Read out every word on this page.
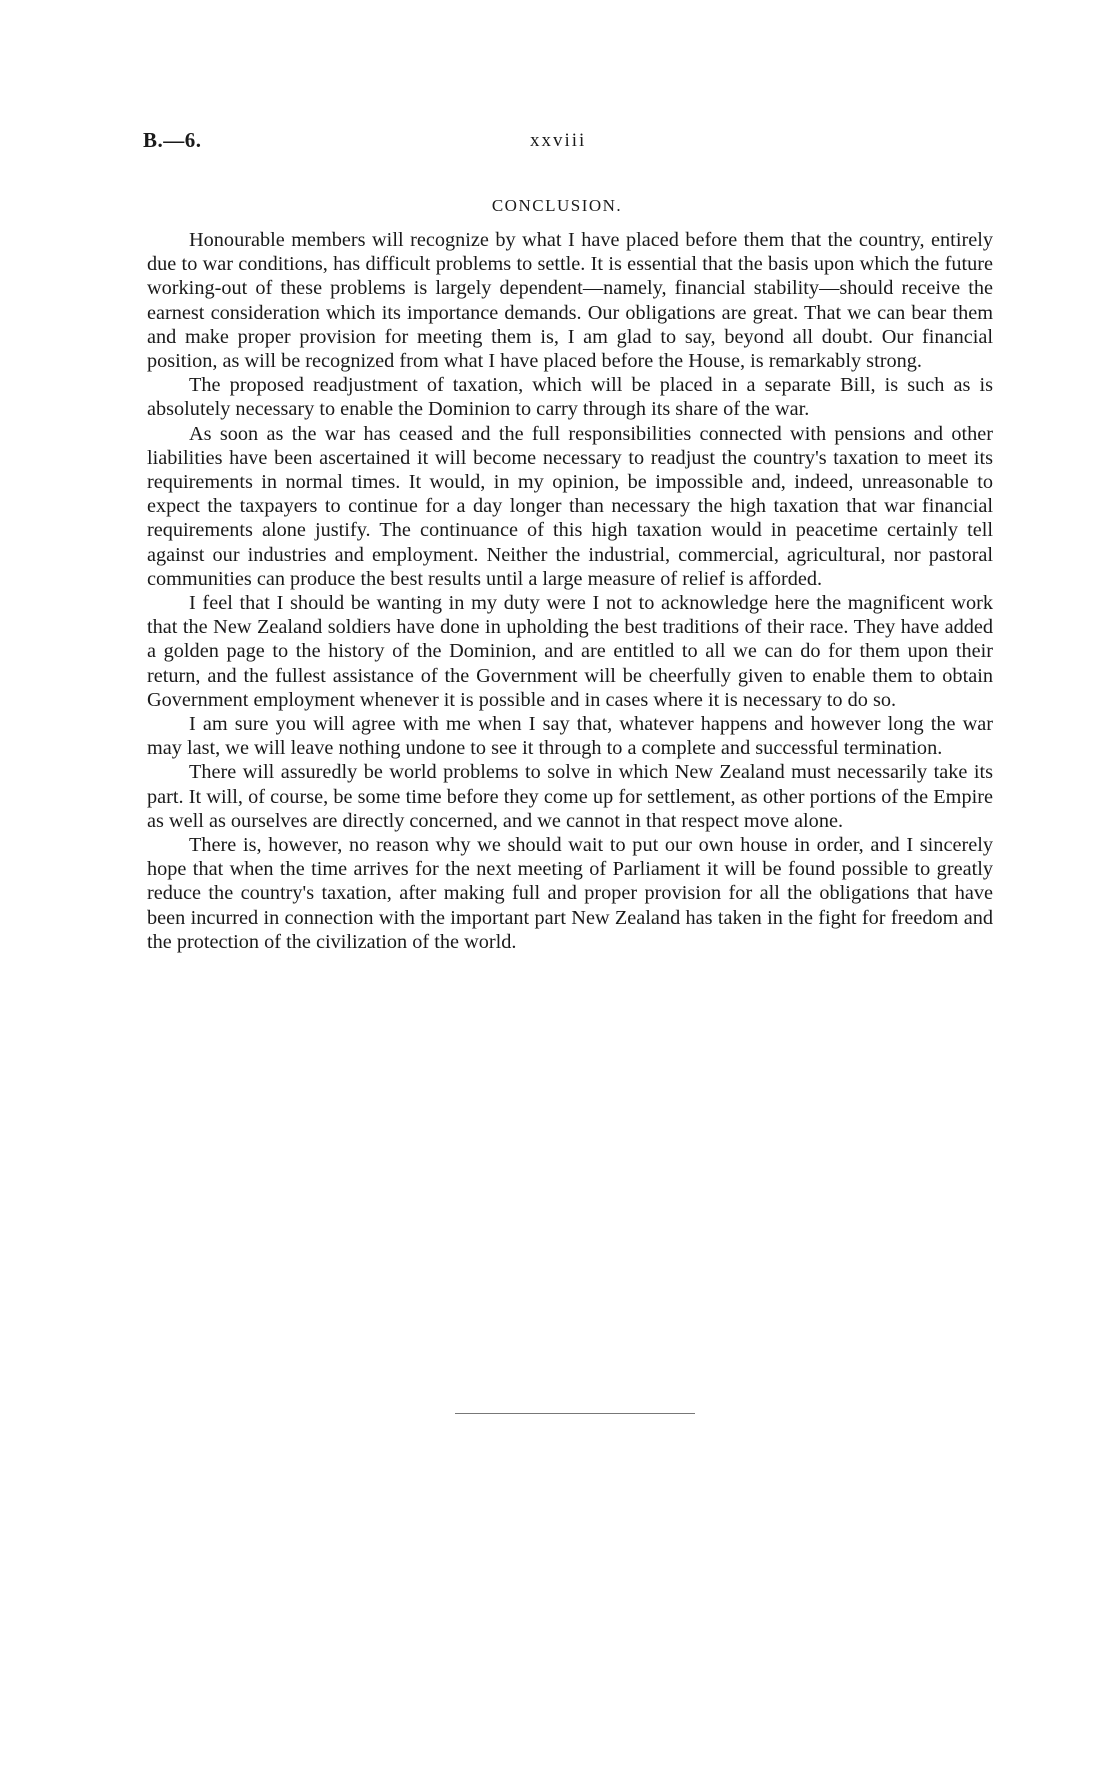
B.—6.	xxviii
CONCLUSION.

Honourable members will recognize by what I have placed before them that the country, entirely due to war conditions, has difficult problems to settle. It is essential that the basis upon which the future working-out of these problems is largely dependent—namely, financial stability—should receive the earnest consideration which its importance demands. Our obligations are great. That we can bear them and make proper provision for meeting them is, I am glad to say, beyond all doubt. Our financial position, as will be recognized from what I have placed before the House, is remarkably strong.

The proposed readjustment of taxation, which will be placed in a separate Bill, is such as is absolutely necessary to enable the Dominion to carry through its share of the war.

As soon as the war has ceased and the full responsibilities connected with pensions and other liabilities have been ascertained it will become necessary to readjust the country's taxation to meet its requirements in normal times. It would, in my opinion, be impossible and, indeed, unreasonable to expect the taxpayers to continue for a day longer than necessary the high taxation that war financial requirements alone justify. The continuance of this high taxation would in peacetime certainly tell against our industries and employment. Neither the industrial, commercial, agricultural, nor pastoral communities can produce the best results until a large measure of relief is afforded.

I feel that I should be wanting in my duty were I not to acknowledge here the magnificent work that the New Zealand soldiers have done in upholding the best traditions of their race. They have added a golden page to the history of the Dominion, and are entitled to all we can do for them upon their return, and the fullest assistance of the Government will be cheerfully given to enable them to obtain Government employment whenever it is possible and in cases where it is necessary to do so.

I am sure you will agree with me when I say that, whatever happens and however long the war may last, we will leave nothing undone to see it through to a complete and successful termination.

There will assuredly be world problems to solve in which New Zealand must necessarily take its part. It will, of course, be some time before they come up for settlement, as other portions of the Empire as well as ourselves are directly concerned, and we cannot in that respect move alone.

There is, however, no reason why we should wait to put our own house in order, and I sincerely hope that when the time arrives for the next meeting of Parliament it will be found possible to greatly reduce the country's taxation, after making full and proper provision for all the obligations that have been incurred in connection with the important part New Zealand has taken in the fight for freedom and the protection of the civilization of the world.
